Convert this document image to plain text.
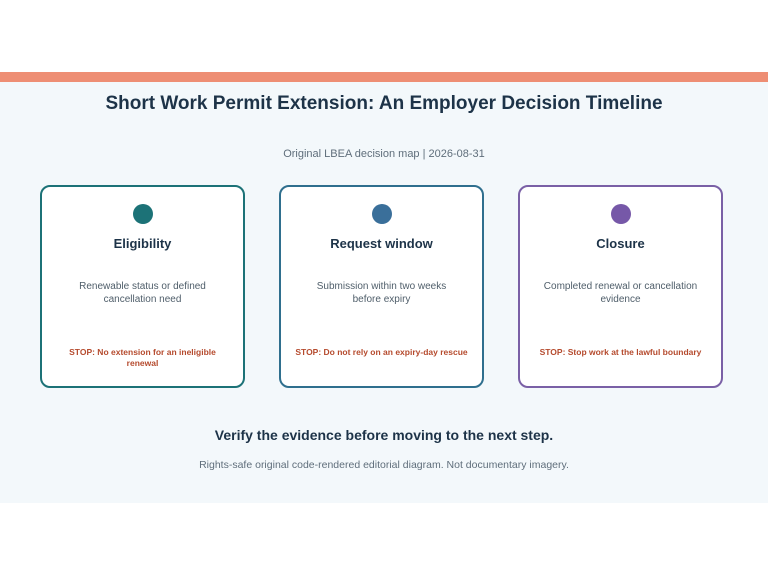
Short Work Permit Extension: An Employer Decision Timeline
Original LBEA decision map | 2026-08-31
Eligibility
Renewable status or defined cancellation need
STOP: No extension for an ineligible renewal
Request window
Submission within two weeks before expiry
STOP: Do not rely on an expiry-day rescue
Closure
Completed renewal or cancellation evidence
STOP: Stop work at the lawful boundary
Verify the evidence before moving to the next step.
Rights-safe original code-rendered editorial diagram. Not documentary imagery.
